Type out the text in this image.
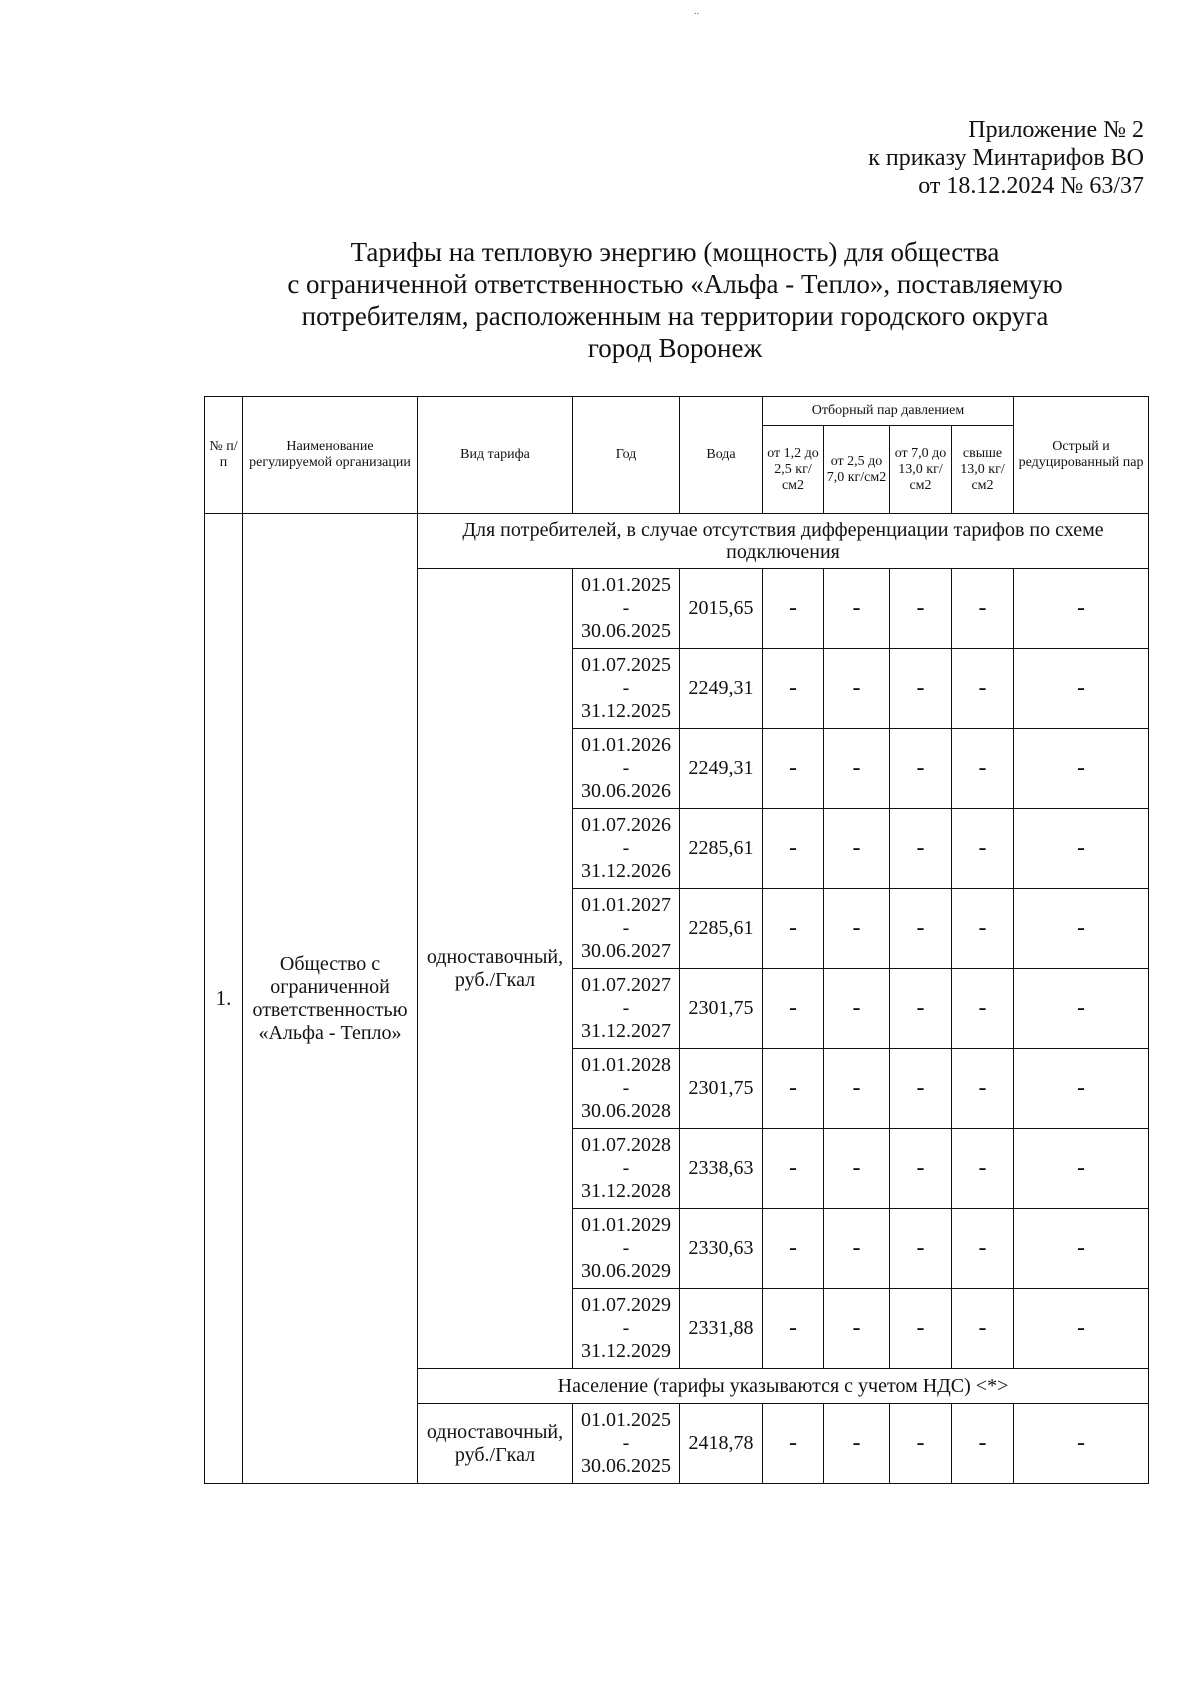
..
Приложение № 2
к приказу Минтарифов ВО
от 18.12.2024 № 63/37
Тарифы на тепловую энергию (мощность) для общества
с ограниченной ответственностью «Альфа - Тепло», поставляемую
потребителям, расположенным на территории городского округа
город Воронеж
№ п/п	Наименование регулируемой организации	Вид тарифа	Год	Вода	Отборный пар давлением				Острый и редуцированный пар
					от 1,2 до 2,5 кг/см2	от 2,5 до 7,0 кг/см2	от 7,0 до 13,0 кг/см2	свыше 13,0 кг/см2	
1.	Общество с ограниченной ответственностью «Альфа - Тепло»	Для потребителей, в случае отсутствия дифференциации тарифов по схеме подключения							
		одноставочный, руб./Гкал	01.01.2025
-
30.06.2025	2015,65	-	-	-	-	-

			01.07.2025
-
31.12.2025	2249,31	-	-	-	-	-

			01.01.2026
-
30.06.2026	2249,31	-	-	-	-	-

			01.07.2026
-
31.12.2026	2285,61	-	-	-	-	-

			01.01.2027
-
30.06.2027	2285,61	-	-	-	-	-

			01.07.2027
-
31.12.2027	2301,75	-	-	-	-	-

			01.01.2028
-
30.06.2028	2301,75	-	-	-	-	-

			01.07.2028
-
31.12.2028	2338,63	-	-	-	-	-

			01.01.2029
-
30.06.2029	2330,63	-	-	-	-	-

			01.07.2029
-
31.12.2029	2331,88	-	-	-	-	-
		Население (тарифы указываются с учетом НДС) <*>							
		одноставочный, руб./Гкал	01.01.2025
-
30.06.2025	2418,78	-	-	-	-	-
